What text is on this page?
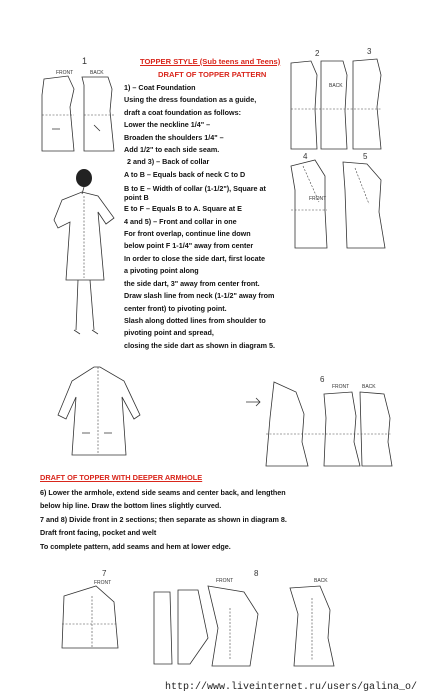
TOPPER STYLE (Sub teens and Teens)
DRAFT OF TOPPER PATTERN
1) – Coat Foundation
Using the dress foundation as a guide,
draft a coat foundation as follows:
Lower the neckline 1/4" –
Broaden the shoulders 1/4" –
Add 1/2" to each side seam.
2 and 3) – Back of collar
A to B – Equals back of neck C to D
B to E – Width of collar (1-1/2"), Square at
point B
E to F – Equals B to A. Square at E
4 and 5) – Front and collar in one
For front overlap, continue line down
below point F 1-1/4" away from center
In order to close the side dart, first locate
a pivoting point along
the side dart, 3" away from center front.
Draw slash line from neck (1-1/2" away from
center front) to pivoting point.
Slash along dotted lines from shoulder to
pivoting point and spread,
closing the side dart as shown in diagram 5.
DRAFT OF TOPPER WITH DEEPER ARMHOLE
6) Lower the armhole, extend side seams and center back, and lengthen
below hip line. Draw the bottom lines slightly curved.
7 and 8) Divide front in 2 sections; then separate as shown in diagram 8.
Draft front facing, pocket and welt
To complete pattern, add seams and hem at lower edge.
1
FRONT	BACK
2	3
BACK
4	5
FRONT
6
FRONT	BACK
7
FRONT
8
FRONT	BACK
http://www.liveinternet.ru/users/galina_o/
